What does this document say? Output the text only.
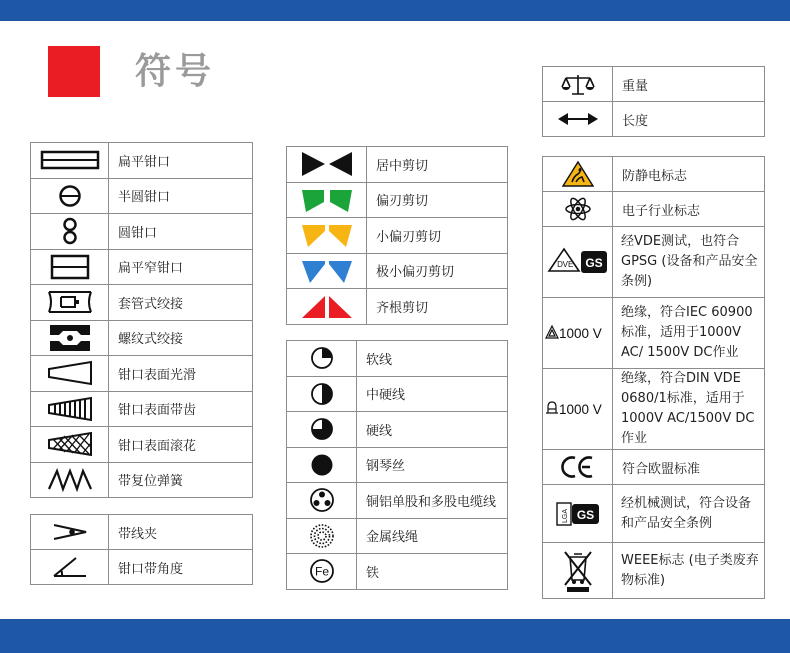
符号
	扁平钳口

	半圆钳口

	圆钳口

	扁平窄钳口

	套管式绞接

	螺纹式绞接

	钳口表面光滑

	钳口表面带齿

	钳口表面滚花

	带复位弹簧
	带线夹

	钳口带角度
	居中剪切

	偏刃剪切

	小偏刃剪切

	极小偏刃剪切

	齐根剪切
	软线

	中硬线

	硬线

	钢琴丝

	铜铝单股和多股电缆线

	金属线绳

Fe	铁
	重量

	长度
	防静电标志

	电子行业标志

D VE GS	经VDE测试，也符合GPSG (设备和产品安全条例)

1000 V	绝缘，符合IEC 60900标准，适用于1000V AC/ 1500V DC作业

1000 V	绝缘，符合DIN VDE 0680/1标准，适用于1000V AC/1500V DC作业

	符合欧盟标准

LGA GS	经机械测试，符合设备和产品安全条例

	WEEE标志 (电子类废弃物标准)
